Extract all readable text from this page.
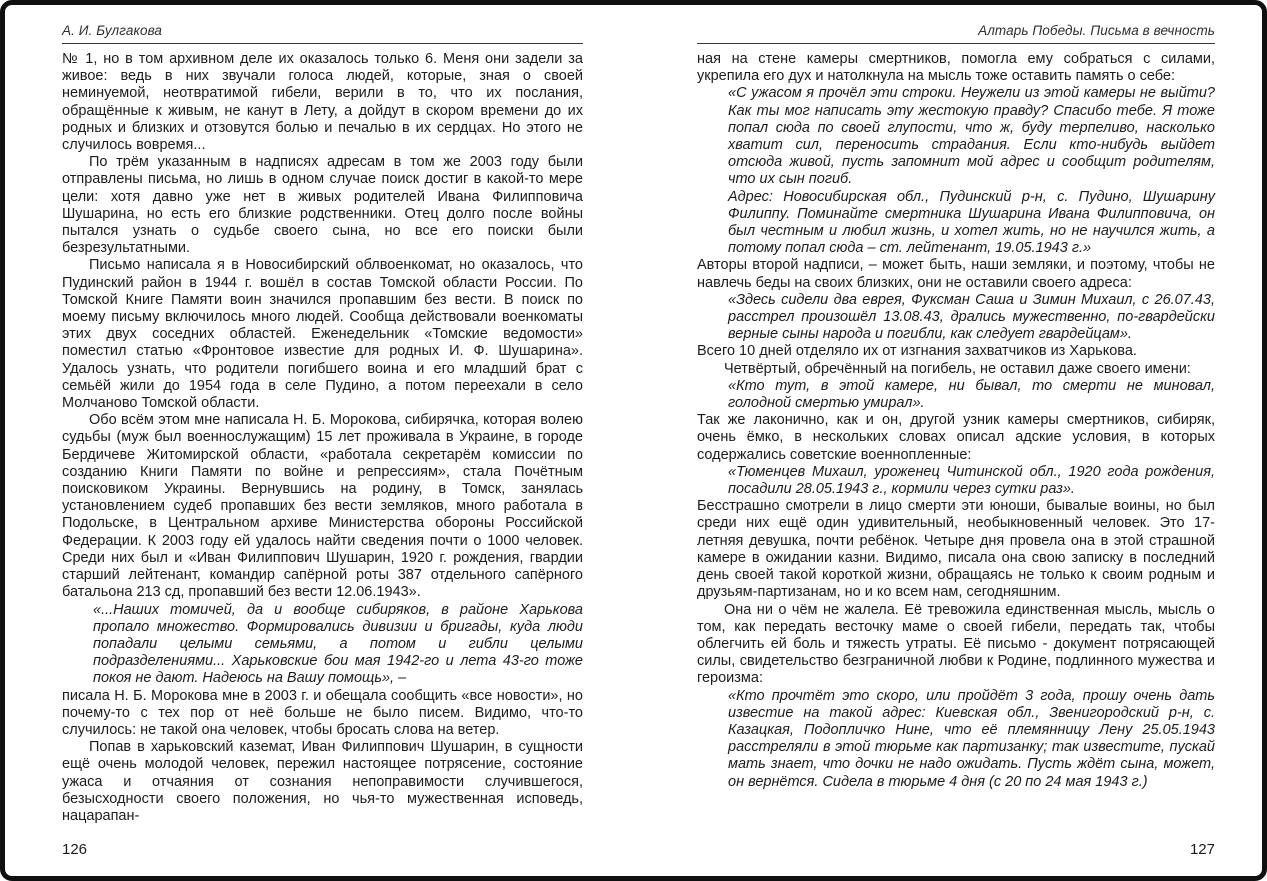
А. И. Булгакова

№ 1, но в том архивном деле их оказалось только 6. Меня они задели за живое: ведь в них звучали голоса людей, которые, зная о своей неминуемой, неотвратимой гибели, верили в то, что их послания, обращённые к живым, не канут в Лету, а дойдут в скором времени до их родных и близких и отзовутся болью и печалью в их сердцах. Но этого не случилось вовремя...

По трём указанным в надписях адресам в том же 2003 году были отправлены письма, но лишь в одном случае поиск достиг в какой-то мере цели: хотя давно уже нет в живых родителей Ивана Филипповича Шушарина, но есть его близкие родственники. Отец долго после войны пытался узнать о судьбе своего сына, но все его поиски были безрезультатными.

Письмо написала я в Новосибирский облвоенкомат, но оказалось, что Пудинский район в 1944 г. вошёл в состав Томской области России. По Томской Книге Памяти воин значился пропавшим без вести. В поиск по моему письму включилось много людей. Сообща действовали военкоматы этих двух соседних областей. Еженедельник «Томские ведомости» поместил статью «Фронтовое известие для родных И. Ф. Шушарина». Удалось узнать, что родители погибшего воина и его младший брат с семьёй жили до 1954 года в селе Пудино, а потом переехали в село Молчаново Томской области.

Обо всём этом мне написала Н. Б. Морокова, сибирячка, которая волею судьбы (муж был военнослужащим) 15 лет проживала в Украине, в городе Бердичеве Житомирской области, «работала секретарём комиссии по созданию Книги Памяти по войне и репрессиям», стала Почётным поисковиком Украины. Вернувшись на родину, в Томск, занялась установлением судеб пропавших без вести земляков, много работала в Подольске, в Центральном архиве Министерства обороны Российской Федерации. К 2003 году ей удалось найти сведения почти о 1000 человек. Среди них был и «Иван Филиппович Шушарин, 1920 г. рождения, гвардии старший лейтенант, командир сапёрной роты 387 отдельного сапёрного батальона 213 сд, пропавший без вести 12.06.1943».

«...Наших томичей, да и вообще сибиряков, в районе Харькова пропало множество. Формировались дивизии и бригады, куда люди попадали целыми семьями, а потом и гибли целыми подразделениями... Харьковские бои мая 1942-го и лета 43-го тоже покоя не дают. Надеюсь на Вашу помощь», –

писала Н. Б. Морокова мне в 2003 г. и обещала сообщить «все новости», но почему-то с тех пор от неё больше не было писем. Видимо, что-то случилось: не такой она человек, чтобы бросать слова на ветер.

Попав в харьковский каземат, Иван Филиппович Шушарин, в сущности ещё очень молодой человек, пережил настоящее потрясение, состояние ужаса и отчаяния от сознания непоправимости случившегося, безысходности своего положения, но чья-то мужественная исповедь, нацарапан-

Алтарь Победы. Письма в вечность

ная на стене камеры смертников, помогла ему собраться с силами, укрепила его дух и натолкнула на мысль тоже оставить память о себе:

«С ужасом я прочёл эти строки. Неужели из этой камеры не выйти? Как ты мог написать эту жестокую правду? Спасибо тебе. Я тоже попал сюда по своей глупости, что ж, буду терпеливо, насколько хватит сил, переносить страдания. Если кто-нибудь выйдет отсюда живой, пусть запомнит мой адрес и сообщит родителям, что их сын погиб.

Адрес: Новосибирская обл., Пудинский р-н, с. Пудино, Шушарину Филиппу. Поминайте смертника Шушарина Ивана Филипповича, он был честным и любил жизнь, и хотел жить, но не научился жить, а потому попал сюда – ст. лейтенант, 19.05.1943 г.»

Авторы второй надписи, – может быть, наши земляки, и поэтому, чтобы не навлечь беды на своих близких, они не оставили своего адреса:

«Здесь сидели два еврея, Фуксман Саша и Зимин Михаил, с 26.07.43, расстрел произошёл 13.08.43, дрались мужественно, по-гвардейски верные сыны народа и погибли, как следует гвардейцам».

Всего 10 дней отделяло их от изгнания захватчиков из Харькова.

Четвёртый, обречённый на погибель, не оставил даже своего имени:

«Кто тут, в этой камере, ни бывал, то смерти не миновал, голодной смертью умирал».

Так же лаконично, как и он, другой узник камеры смертников, сибиряк, очень ёмко, в нескольких словах описал адские условия, в которых содержались советские военнопленные:

«Тюменцев Михаил, уроженец Читинской обл., 1920 года рождения, посадили 28.05.1943 г., кормили через сутки раз».

Бесстрашно смотрели в лицо смерти эти юноши, бывалые воины, но был среди них ещё один удивительный, необыкновенный человек. Это 17-летняя девушка, почти ребёнок. Четыре дня провела она в этой страшной камере в ожидании казни. Видимо, писала она свою записку в последний день своей такой короткой жизни, обращаясь не только к своим родным и друзьям-партизанам, но и ко всем нам, сегодняшним.

Она ни о чём не жалела. Её тревожила единственная мысль, мысль о том, как передать весточку маме о своей гибели, передать так, чтобы облегчить ей боль и тяжесть утраты. Её письмо - документ потрясающей силы, свидетельство безграничной любви к Родине, подлинного мужества и героизма:

«Кто прочтёт это скоро, или пройдёт 3 года, прошу очень дать известие на такой адрес: Киевская обл., Звенигородский р-н, с. Казацкая, Подопличко Нине, что её племянницу Лену 25.05.1943 расстреляли в этой тюрьме как партизанку; так известите, пускай мать знает, что дочки не надо ожидать. Пусть ждёт сына, может, он вернётся. Сидела в тюрьме 4 дня (с 20 по 24 мая 1943 г.)

126	127
